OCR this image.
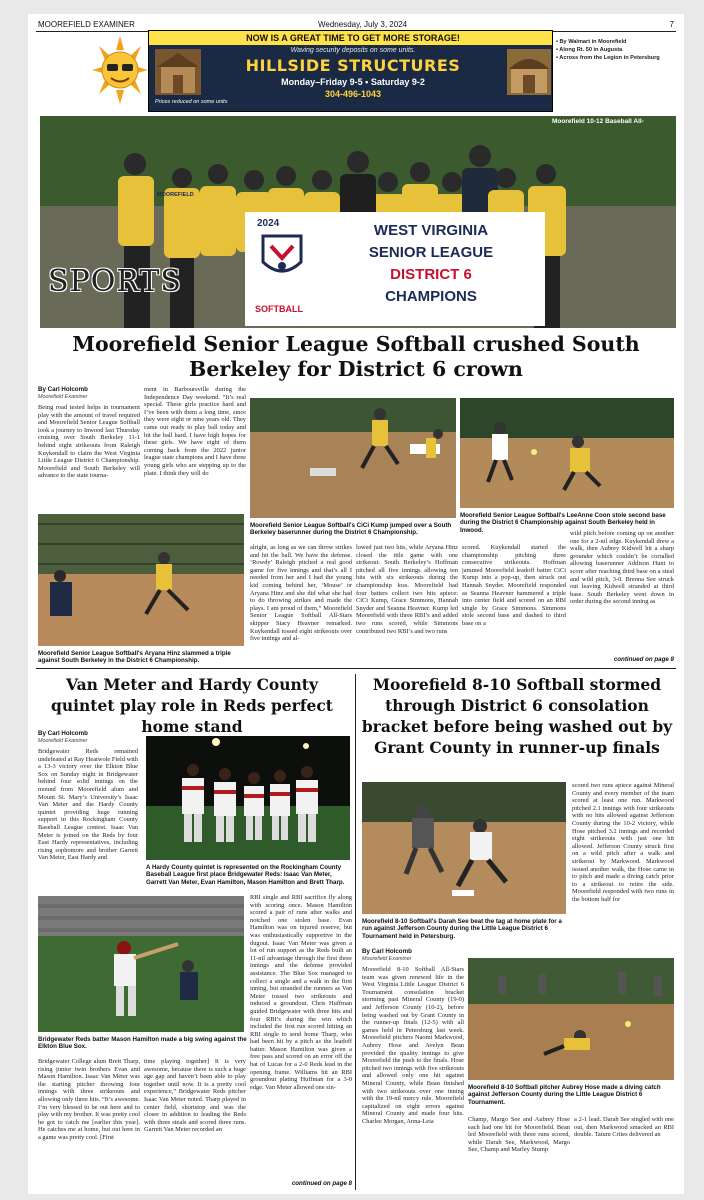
MOOREFIELD EXAMINER	Wednesday, July 3, 2024	7
NOW IS A GREAT TIME TO GET MORE STORAGE!
Waving security deposits on some units.
HILLSIDE STRUCTURES
Monday–Friday 9-5 • Saturday 9-2
304-496-1043
Prices reduced on some units
• By Walmart in Moorefield
• Along Rt. 50 in Augusta
• Across from the Legion in Petersburg
Moorefield 10-12 Baseball All-
SPORTS
MOOREFIELD
2024
SOFTBALL
WEST VIRGINIA
SENIOR LEAGUE
DISTRICT 6
CHAMPIONS
Moorefield Senior League Softball crushed South Berkeley for District 6 crown
By Carl Holcomb
Moorefield Examiner
Being road tested helps in tournament play with the amount of travel required and Moorefield Senior League Softball took a journey to Inwood last Thursday cruising over South Berkeley 11-1 behind eight strikeouts from Raleigh Kuykendall to claim the West Virginia Little League District 6 Championship. Moorefield and South Berkeley will advance to the state tourna-
ment in Barboursville during the Independence Day weekend. “It’s real special. These girls practice hard and I’ve been with them a long time, since they were eight or nine years old. They came out ready to play ball today and hit the ball hard. I have high hopes for these girls. We have eight of them coming back from the 2022 junior league state champions and I have three young girls who are stepping up to the plate. I think they will do
Moorefield Senior League Softball's CiCi Kump jumped over a South Berkeley baserunner during the District 6 Championship.
Moorefield Senior League Softball's LeeAnne Coon stole second base during the District 6 Championship against South Berkeley held in Inwood.
Moorefield Senior League Softball's Aryana Hinz slammed a triple against South Berkeley in the District 6 Championship.
alright, as long as we can throw strikes and hit the ball. We have the defense. ‘Rowdy’ Raleigh pitched a real good game for five innings and that’s all I needed from her and I had the young kid coming behind her, ‘Mouse’ or Aryana Hinz and she did what she had to do throwing strikes and made the plays. I am proud of them,” Moorefield Senior League Softball All-Stars skipper Stacy Heavner remarked. Kuykendall tossed eight strikeouts over five innings and al-
lowed just two hits, while Aryana Hinz closed the title game with one strikeout. South Berkeley’s Hoffman pitched all five innings allowing ten hits with six strikeouts during the championship loss. Moorefield had four batters collect two hits apiece: CiCi Kump, Grace Simmons, Hannah Snyder and Seanna Heavner. Kump led Moorefield with three RBI’s and added two runs scored, while Simmons contributed two RBI’s and two runs
scored. Kuykendall started the championship pitching three consecutive strikeouts. Hoffman jammed Moorefield leadoff batter CiCi Kump into a pop-up, then struck out Hannah Snyder. Moorefield responded as Seanna Heavner hammered a triple into center field and scored on an RBI single by Grace Simmons. Simmons stole second base and dashed to third base on a
wild pitch before coming up on another one for a 2-nil edge. Kuykendall drew a walk, then Aubrey Kidwell hit a sharp grounder which couldn’t be corralled allowing baserunner Addison Hunt to score after reaching third base on a steal and wild pitch, 3-0. Brenna See struck out leaving Kidwell stranded at third base. South Berkeley went down in order during the second inning as
continued on page 8
Van Meter and Hardy County quintet play role in Reds perfect home stand
By Carl Holcomb
Moorefield Examiner
Bridgewater Reds remained undefeated at Ray Heatwole Field with a 13-3 victory over the Elkton Blue Sox on Sunday night in Bridgewater behind four solid innings on the mound from Moorefield alum and Mount St. Mary’s University’s Isaac Van Meter and the Hardy County quintet providing huge running support in this Rockingham County Baseball League contest. Isaac Van Meter is joined on the Reds by four East Hardy representatives, including rising sophomore and brother Garrett Van Meter, East Hardy and
A Hardy County quintet is represented on the Rockingham County Baseball League first place Bridgewater Reds: Isaac Van Meter, Garrett Van Meter, Evan Hamilton, Mason Hamilton and Brett Tharp.
Bridgewater Reds batter Mason Hamilton made a big swing against the Elkton Blue Sox.
Bridgewater College alum Brett Tharp, rising junior twin brothers Evan and Mason Hamilton. Isaac Van Meter was the starting pitcher throwing four innings with three strikeouts and allowing only three hits. “It’s awesome. I’m very blessed to be out here and to play with my brother. It was pretty cool he got to catch me [earlier this year]. He catches me at home, but out here in a game was pretty cool. [First
time playing together] It is very awesome, because there is such a huge age gap and haven’t been able to play together until now. It is a pretty cool experience,” Bridgewater Reds pitcher Isaac Van Meter noted. Tharp played in center field, shortstop and was the closer in addition to leading the Reds with three steals and scored three runs. Garrett Van Meter recorded an
RBI single and RBI sacrifice fly along with scoring once. Mason Hamilton scored a pair of runs after walks and notched one stolen base. Evan Hamilton was on injured reserve, but was enthusiastically supportive in the dugout. Isaac Van Meter was given a lot of run support as the Reds built an 11-nil advantage through the first three innings and the defense provided assistance. The Blue Sox managed to collect a single and a walk in the first inning, but stranded the runners as Van Meter tossed two strikeouts and induced a groundout. Chris Huffman guided Bridgewater with three hits and four RBI’s during the win which included the first run scored hitting an RBI single to send home Tharp, who had been hit by a pitch as the leadoff batter. Mason Hamilton was given a free pass and scored on an error off the bat of Lucas for a 2-0 Reds lead in the opening frame. Williams hit an RBI groundout plating Huffman for a 3-0 edge. Van Meter allowed one sin-
continued on page 8
Moorefield 8-10 Softball stormed through District 6 consolation bracket before being washed out by Grant County in runner-up finals
Moorefield 8-10 Softball's Darah See beat the tag at home plate for a run against Jefferson County during the Little League District 6 Tournament held in Petersburg.
scored two runs apiece against Mineral County and every member of the team scored at least one run. Markwood pitched 2.1 innings with four strikeouts with no hits allowed against Jefferson County during the 10-2 victory, while Hose pitched 3.2 innings and recorded eight strikeouts with just one hit allowed. Jefferson County struck first on a wild pitch after a walk and strikeout by Markwood. Markwood issued another walk, the Hose came in to pitch and made a diving catch prior to a strikeout to retire the side. Moorefield responded with two runs in the bottom half for
By Carl Holcomb
Moorefield Examiner
Moorefield 8-10 Softball All-Stars team was given renewed life in the West Virginia Little League District 6 Tournament consolation bracket storming past Mineral County (19-0) and Jefferson County (10-2), before being washed out by Grant County in the runner-up finals (12-5) with all games held in Petersburg last week. Moorefield pitchers Naomi Markwood, Aubrey Hose and Avelyn Bean provided the quality innings to give Moorefield the push to the finals. Hose pitched two innings with five strikeouts and allowed only one hit against Mineral County, while Bean finished with two strikeouts over one inning with the 19-nil mercy rule. Moorefield capitalized on eight errors against Mineral County and made four hits. Charlee Morgan, Anna-Leia
Moorefield 8-10 Softball pitcher Aubrey Hose made a diving catch against Jefferson County during the Little League District 6 Tournament.
Champ, Margo See and Aubrey Hose each had one hit for Moorefield. Bean led Moorefield with three runs scored, while Darah See, Markwood, Margo See, Champ and Marley Stump
a 2-1 lead. Darah See singled with one out, then Markwood smacked an RBI double. Tatum Crites delivered an
